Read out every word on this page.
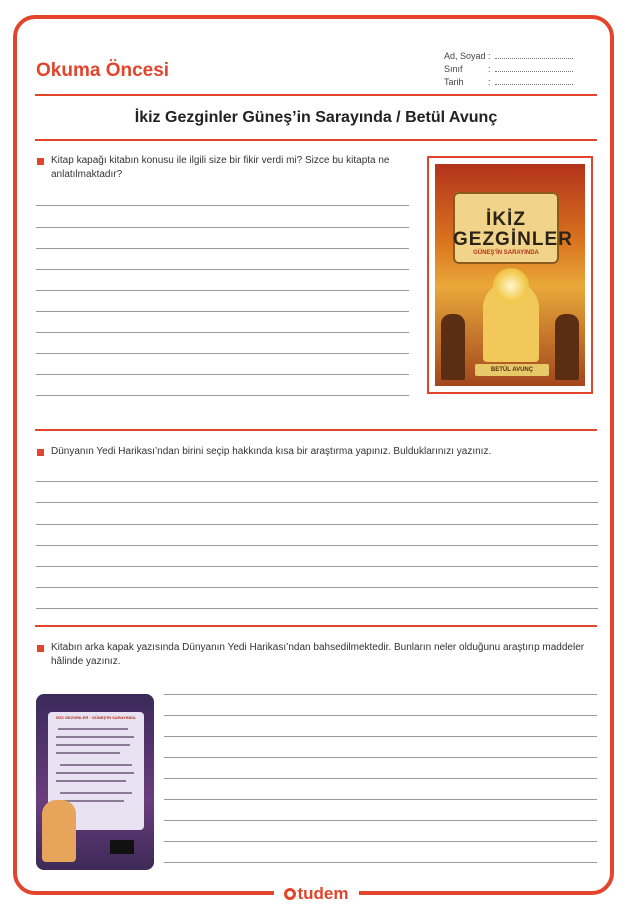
Okuma Öncesi
Ad, Soyad :
Sınıf	:
Tarih	:
İkiz Gezginler Güneş’in Sarayında / Betül Avunç
Kitap kapağı kitabın konusu ile ilgili size bir fikir verdi mi? Sizce bu kitapta ne anlatılmaktadır?
İKİZ
GEZGİNLER
GÜNEŞ’İN SARAYINDA
BETÜL AVUNÇ
Dünyanın Yedi Harikası’ndan birini seçip hakkında kısa bir araştırma yapınız. Bulduklarınızı yazınız.
Kitabın arka kapak yazısında Dünyanın Yedi Harikası’ndan bahsedilmektedir. Bunların neler olduğunu araştırıp maddeler hâlinde yazınız.
İKİZ GEZGİNLER · GÜNEŞ’İN SARAYINDA
tudem
